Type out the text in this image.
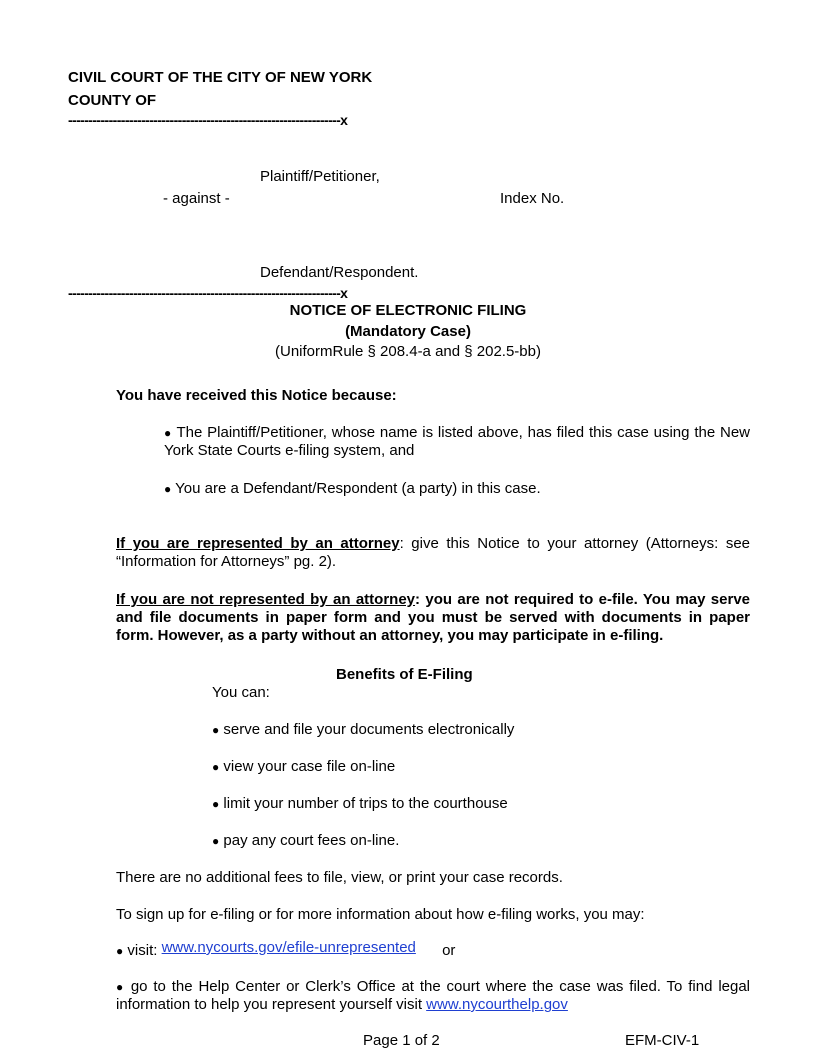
CIVIL COURT OF THE CITY OF NEW YORK
COUNTY OF
-------------------------------------------------------------------x
Plaintiff/Petitioner,
- against -	Index No.
Defendant/Respondent.
-------------------------------------------------------------------x
NOTICE OF ELECTRONIC FILING
(Mandatory Case)
(UniformRule § 208.4-a and § 202.5-bb)
You have received this Notice because:
● The Plaintiff/Petitioner, whose name is listed above, has filed this case using the New York State Courts e-filing system, and
● You are a Defendant/Respondent (a party) in this case.
If you are represented by an attorney: give this Notice to your attorney (Attorneys: see “Information for Attorneys” pg. 2).
If you are not represented by an attorney: you are not required to e-file. You may serve and file documents in paper form and you must be served with documents in paper form. However, as a party without an attorney, you may participate in e-filing.
Benefits of E-Filing
You can:
● serve and file your documents electronically
● view your case file on-line
● limit your number of trips to the courthouse
● pay any court fees on-line.
There are no additional fees to file, view, or print your case records.
To sign up for e-filing or for more information about how e-filing works, you may:
● visit: www.nycourts.gov/efile-unrepresented or
● go to the Help Center or Clerk’s Office at the court where the case was filed. To find legal information to help you represent yourself visit www.nycourthelp.gov
Page 1 of 2	EFM-CIV-1
